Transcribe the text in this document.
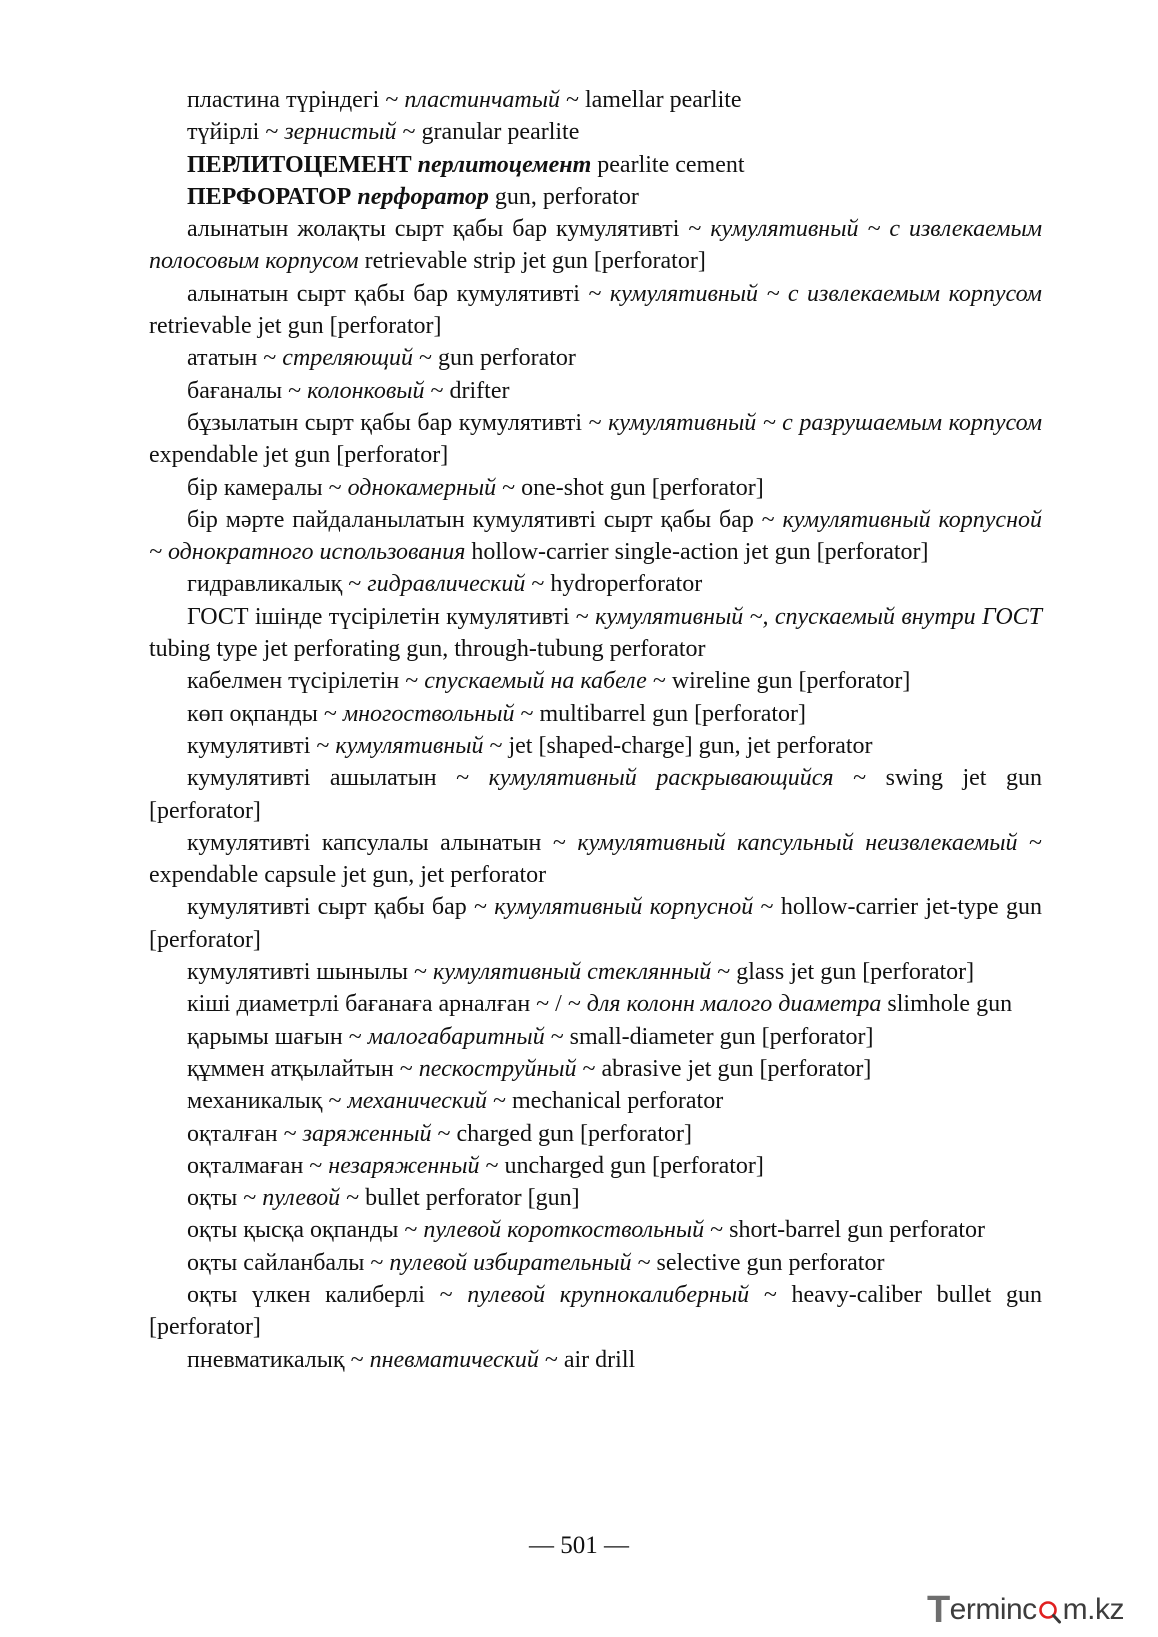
пластина түріндегі ~ пластинчатый ~ lamellar pearlite

түйірлі ~ зернистый ~ granular pearlite

ПЕРЛИТОЦЕМЕНТ перлитоцемент pearlite cement

ПЕРФОРАТОР перфоратор gun, perforator

алынатын жолақты сырт қабы бар кумулятивті ~ кумулятивный ~ с извлекаемым полосовым корпусом retrievable strip jet gun [perforator]

алынатын сырт қабы бар кумулятивті ~ кумулятивный ~ с извлекаемым корпусом retrievable jet gun [perforator]

ататын ~ стреляющий ~ gun perforator

бағаналы ~ колонковый ~ drifter

бұзылатын сырт қабы бар кумулятивті ~ кумулятивный ~ с разрушаемым корпусом expendable jet gun [perforator]

бір камералы ~ однокамерный ~ one-shot gun [perforator]

бір мәрте пайдаланылатын кумулятивті сырт қабы бар ~ кумулятивный корпусной ~ однократного использования hollow-carrier single-action jet gun [perforator]

гидравликалық ~ гидравлический ~ hydroperforator

ГОСТ ішінде түсірілетін кумулятивті ~ кумулятивный ~, спускаемый внутри ГОСТ tubing type jet perforating gun, through-tubung perforator

кабелмен түсірілетін ~ спускаемый на кабеле ~ wireline gun [perforator]

көп оқпанды ~ многоствольный ~ multibarrel gun [perforator]

кумулятивті ~ кумулятивный ~ jet [shaped-charge] gun, jet perforator

кумулятивті ашылатын ~ кумулятивный раскрывающийся ~ swing jet gun [perforator]

кумулятивті капсулалы алынатын ~ кумулятивный капсульный неизвлекаемый ~ expendable capsule jet gun, jet perforator

кумулятивті сырт қабы бар ~ кумулятивный корпусной ~ hollow-carrier jet-type gun [perforator]

кумулятивті шынылы ~ кумулятивный стеклянный ~ glass jet gun [perforator]

кіші диаметрлі бағанаға арналған ~ / ~ для колонн малого диаметра slimhole gun

қарымы шағын ~ малогабаритный ~ small-diameter gun [perforator]

құммен атқылайтын ~ пескоструйный ~ abrasive jet gun [perforator]

механикалық ~ механический ~ mechanical perforator

оқталған ~ заряженный ~ charged gun [perforator]

оқталмаған ~ незаряженный ~ uncharged gun [perforator]

оқты ~ пулевой ~ bullet perforator [gun]

оқты қысқа оқпанды ~ пулевой короткоствольный ~ short-barrel gun perforator

оқты сайланбалы ~ пулевой избирательный ~ selective gun perforator

оқты үлкен калиберлі ~ пулевой крупнокалиберный ~ heavy-caliber bullet gun [perforator]

пневматикалық ~ пневматический ~ air drill

— 501 —
T erminc m.kz
